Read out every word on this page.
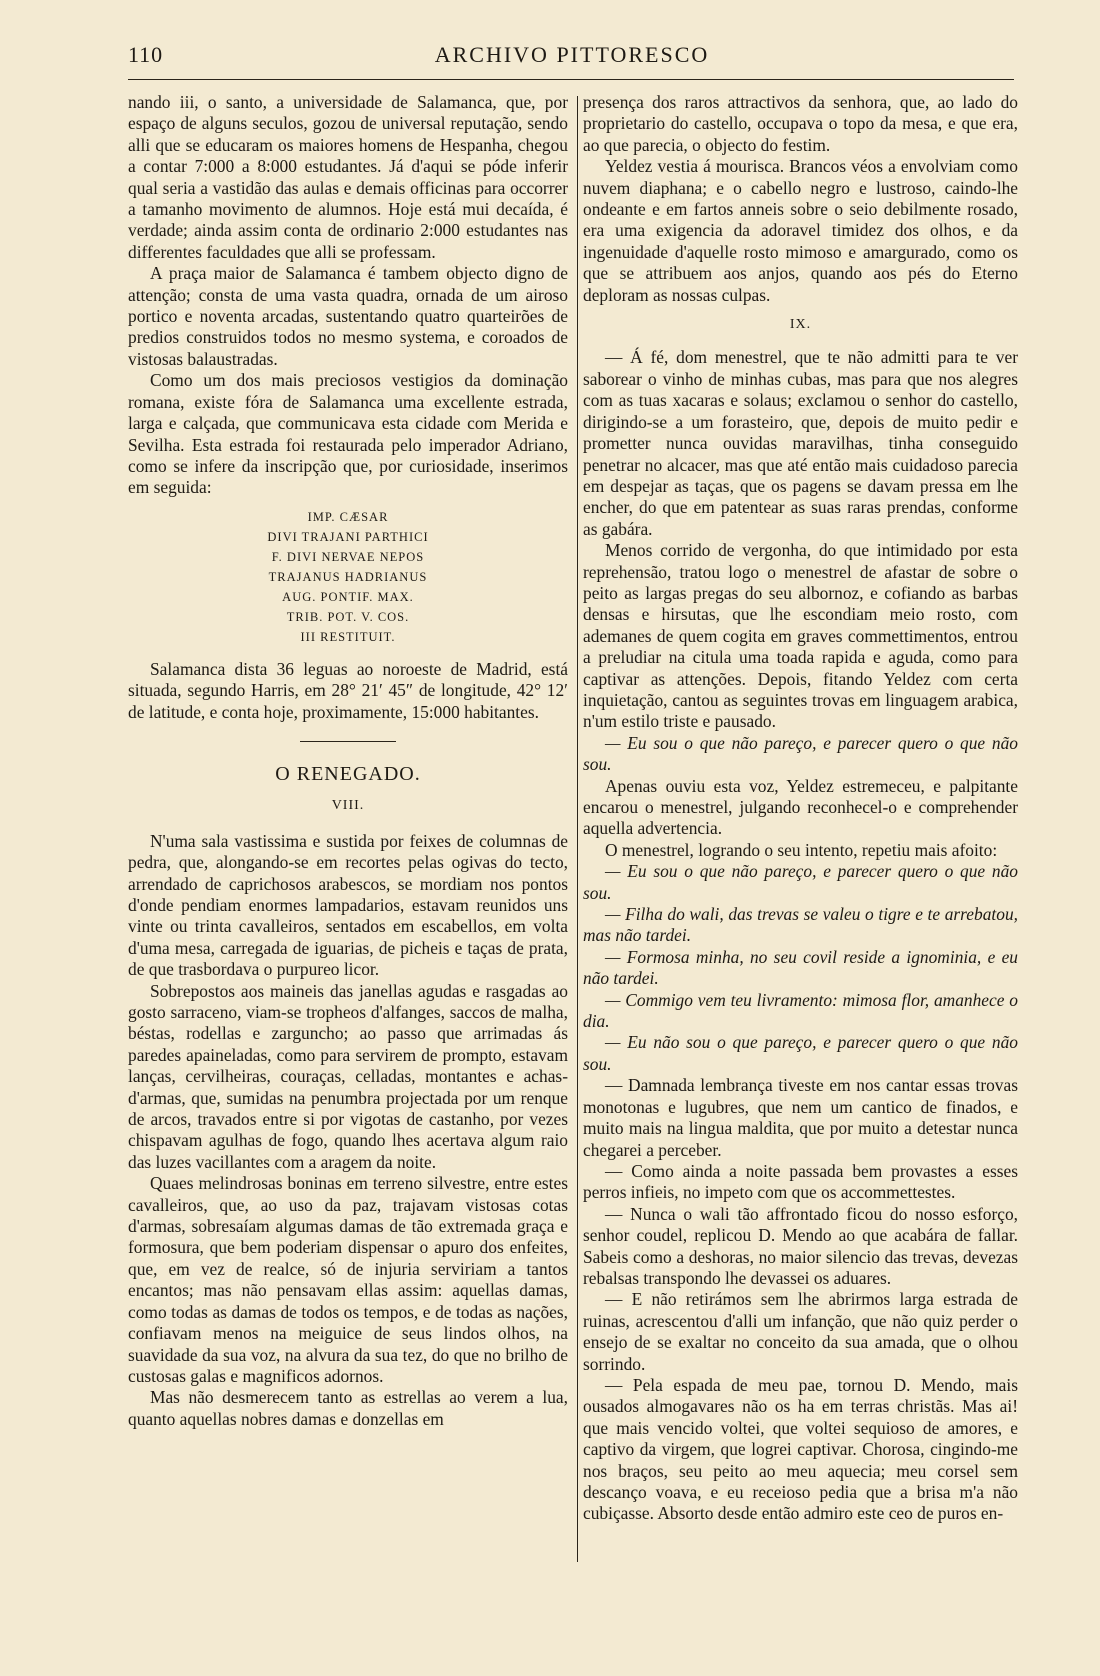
110	ARCHIVO PITTORESCO

nando iii, o santo, a universidade de Salamanca, que, por espaço de alguns seculos, gozou de universal reputação, sendo alli que se educaram os maiores homens de Hespanha, chegou a contar 7:000 a 8:000 estudantes. Já d'aqui se póde inferir qual seria a vastidão das aulas e demais officinas para occorrer a tamanho movimento de alumnos. Hoje está mui decaída, é verdade; ainda assim conta de ordinario 2:000 estudantes nas differentes faculdades que alli se professam.

A praça maior de Salamanca é tambem objecto digno de attenção; consta de uma vasta quadra, ornada de um airoso portico e noventa arcadas, sustentando quatro quarteirões de predios construidos todos no mesmo systema, e coroados de vistosas balaustradas.

Como um dos mais preciosos vestigios da dominação romana, existe fóra de Salamanca uma excellente estrada, larga e calçada, que communicava esta cidade com Merida e Sevilha. Esta estrada foi restaurada pelo imperador Adriano, como se infere da inscripção que, por curiosidade, inserimos em seguida:

IMP. CÆSAR
DIVI TRAJANI PARTHICI
F. DIVI NERVAE NEPOS
TRAJANUS HADRIANUS
AUG. PONTIF. MAX.
TRIB. POT. V. COS.
III RESTITUIT.

Salamanca dista 36 leguas ao noroeste de Madrid, está situada, segundo Harris, em 28° 21′ 45″ de longitude, 42° 12′ de latitude, e conta hoje, proximamente, 15:000 habitantes.

O RENEGADO.
VIII.

N'uma sala vastissima e sustida por feixes de columnas de pedra, que, alongando-se em recortes pelas ogivas do tecto, arrendado de caprichosos arabescos, se mordiam nos pontos d'onde pendiam enormes lampadarios, estavam reunidos uns vinte ou trinta cavalleiros, sentados em escabellos, em volta d'uma mesa, carregada de iguarias, de picheis e taças de prata, de que trasbordava o purpureo licor.

Sobrepostos aos maineis das janellas agudas e rasgadas ao gosto sarraceno, viam-se tropheos d'alfanges, saccos de malha, béstas, rodellas e zarguncho; ao passo que arrimadas ás paredes apaineladas, como para servirem de prompto, estavam lanças, cervilheiras, couraças, celladas, montantes e achas-d'armas, que, sumidas na penumbra projectada por um renque de arcos, travados entre si por vigotas de castanho, por vezes chispavam agulhas de fogo, quando lhes acertava algum raio das luzes vacillantes com a aragem da noite.

Quaes melindrosas boninas em terreno silvestre, entre estes cavalleiros, que, ao uso da paz, trajavam vistosas cotas d'armas, sobresaíam algumas damas de tão extremada graça e formosura, que bem poderiam dispensar o apuro dos enfeites, que, em vez de realce, só de injuria serviriam a tantos encantos; mas não pensavam ellas assim: aquellas damas, como todas as damas de todos os tempos, e de todas as nações, confiavam menos na meiguice de seus lindos olhos, na suavidade da sua voz, na alvura da sua tez, do que no brilho de custosas galas e magnificos adornos.

Mas não desmerecem tanto as estrellas ao verem a lua, quanto aquellas nobres damas e donzellas em

presença dos raros attractivos da senhora, que, ao lado do proprietario do castello, occupava o topo da mesa, e que era, ao que parecia, o objecto do festim.

Yeldez vestia á mourisca. Brancos véos a envolviam como nuvem diaphana; e o cabello negro e lustroso, caindo-lhe ondeante e em fartos anneis sobre o seio debilmente rosado, era uma exigencia da adoravel timidez dos olhos, e da ingenuidade d'aquelle rosto mimoso e amargurado, como os que se attribuem aos anjos, quando aos pés do Eterno deploram as nossas culpas.

IX.

— Á fé, dom menestrel, que te não admitti para te ver saborear o vinho de minhas cubas, mas para que nos alegres com as tuas xacaras e solaus; exclamou o senhor do castello, dirigindo-se a um forasteiro, que, depois de muito pedir e prometter nunca ouvidas maravilhas, tinha conseguido penetrar no alcacer, mas que até então mais cuidadoso parecia em despejar as taças, que os pagens se davam pressa em lhe encher, do que em patentear as suas raras prendas, conforme as gabára.

Menos corrido de vergonha, do que intimidado por esta reprehensão, tratou logo o menestrel de afastar de sobre o peito as largas pregas do seu albornoz, e cofiando as barbas densas e hirsutas, que lhe escondiam meio rosto, com ademanes de quem cogita em graves commettimentos, entrou a preludiar na citula uma toada rapida e aguda, como para captivar as attenções. Depois, fitando Yeldez com certa inquietação, cantou as seguintes trovas em linguagem arabica, n'um estilo triste e pausado.

— Eu sou o que não pareço, e parecer quero o que não sou.

Apenas ouviu esta voz, Yeldez estremeceu, e palpitante encarou o menestrel, julgando reconhecel-o e comprehender aquella advertencia.

O menestrel, logrando o seu intento, repetiu mais afoito:

— Eu sou o que não pareço, e parecer quero o que não sou.

— Filha do wali, das trevas se valeu o tigre e te arrebatou, mas não tardei.

— Formosa minha, no seu covil reside a ignominia, e eu não tardei.

— Commigo vem teu livramento: mimosa flor, amanhece o dia.

— Eu não sou o que pareço, e parecer quero o que não sou.

— Damnada lembrança tiveste em nos cantar essas trovas monotonas e lugubres, que nem um cantico de finados, e muito mais na lingua maldita, que por muito a detestar nunca chegarei a perceber.

— Como ainda a noite passada bem provastes a esses perros infieis, no impeto com que os accommettestes.

— Nunca o wali tão affrontado ficou do nosso esforço, senhor coudel, replicou D. Mendo ao que acabára de fallar. Sabeis como a deshoras, no maior silencio das trevas, devezas rebalsas transpondo lhe devassei os aduares.

— E não retirámos sem lhe abrirmos larga estrada de ruinas, acrescentou d'alli um infanção, que não quiz perder o ensejo de se exaltar no conceito da sua amada, que o olhou sorrindo.

— Pela espada de meu pae, tornou D. Mendo, mais ousados almogavares não os ha em terras christãs. Mas ai! que mais vencido voltei, que voltei sequioso de amores, e captivo da virgem, que logrei captivar. Chorosa, cingindo-me nos braços, seu peito ao meu aquecia; meu corsel sem descanço voava, e eu receioso pedia que a brisa m'a não cubiçasse. Absorto desde então admiro este ceo de puros en-
